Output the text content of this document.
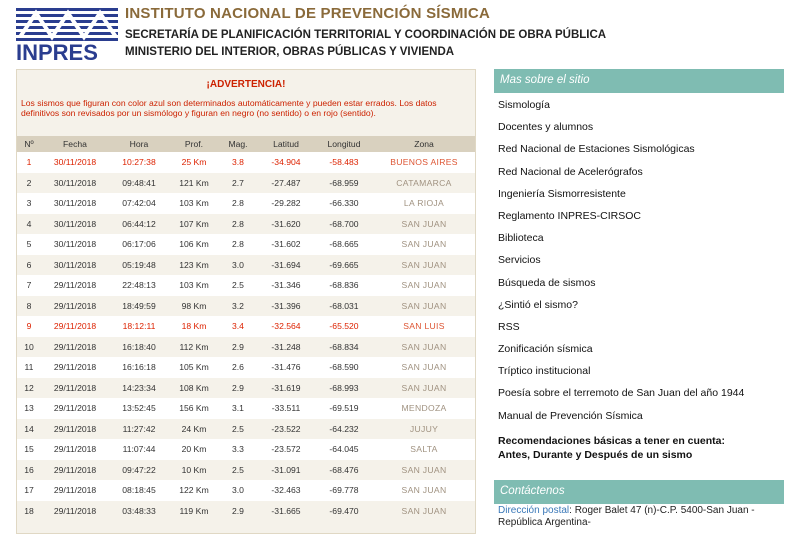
INPRES
INSTITUTO NACIONAL DE PREVENCIÓN SÍSMICA
SECRETARÍA DE PLANIFICACIÓN TERRITORIAL Y COORDINACIÓN DE OBRA PÚBLICA
MINISTERIO DEL INTERIOR, OBRAS PÚBLICAS Y VIVIENDA
¡ADVERTENCIA!
Los sismos que figuran con color azul son determinados automáticamente y pueden estar errados. Los datos definitivos son revisados por un sismólogo y figuran en negro (no sentido) o en rojo (sentido).
Nº	Fecha	Hora	Prof.	Mag.	Latitud	Longitud	Zona
1	30/11/2018	10:27:38	25 Km	3.8	-34.904	-58.483	BUENOS AIRES
2	30/11/2018	09:48:41	121 Km	2.7	-27.487	-68.959	CATAMARCA
3	30/11/2018	07:42:04	103 Km	2.8	-29.282	-66.330	LA RIOJA
4	30/11/2018	06:44:12	107 Km	2.8	-31.620	-68.700	SAN JUAN
5	30/11/2018	06:17:06	106 Km	2.8	-31.602	-68.665	SAN JUAN
6	30/11/2018	05:19:48	123 Km	3.0	-31.694	-69.665	SAN JUAN
7	29/11/2018	22:48:13	103 Km	2.5	-31.346	-68.836	SAN JUAN
8	29/11/2018	18:49:59	98 Km	3.2	-31.396	-68.031	SAN JUAN
9	29/11/2018	18:12:11	18 Km	3.4	-32.564	-65.520	SAN LUIS
10	29/11/2018	16:18:40	112 Km	2.9	-31.248	-68.834	SAN JUAN
11	29/11/2018	16:16:18	105 Km	2.6	-31.476	-68.590	SAN JUAN
12	29/11/2018	14:23:34	108 Km	2.9	-31.619	-68.993	SAN JUAN
13	29/11/2018	13:52:45	156 Km	3.1	-33.511	-69.519	MENDOZA
14	29/11/2018	11:27:42	24 Km	2.5	-23.522	-64.232	JUJUY
15	29/11/2018	11:07:44	20 Km	3.3	-23.572	-64.045	SALTA
16	29/11/2018	09:47:22	10 Km	2.5	-31.091	-68.476	SAN JUAN
17	29/11/2018	08:18:45	122 Km	3.0	-32.463	-69.778	SAN JUAN
18	29/11/2018	03:48:33	119 Km	2.9	-31.665	-69.470	SAN JUAN
Mas sobre el sitio
Sismología
Docentes y alumnos
Red Nacional de Estaciones Sismológicas
Red Nacional de Acelerógrafos
Ingeniería Sismorresistente
Reglamento INPRES-CIRSOC
Biblioteca
Servicios
Búsqueda de sismos
¿Sintió el sismo?
RSS
Zonificación sísmica
Tríptico institucional
Poesía sobre el terremoto de San Juan del año 1944
Manual de Prevención Sísmica
Recomendaciones básicas a tener en cuenta:
Antes, Durante y Después de un sismo
Contáctenos
Dirección postal: Roger Balet 47 (n)-C.P. 5400-San Juan -República Argentina-
